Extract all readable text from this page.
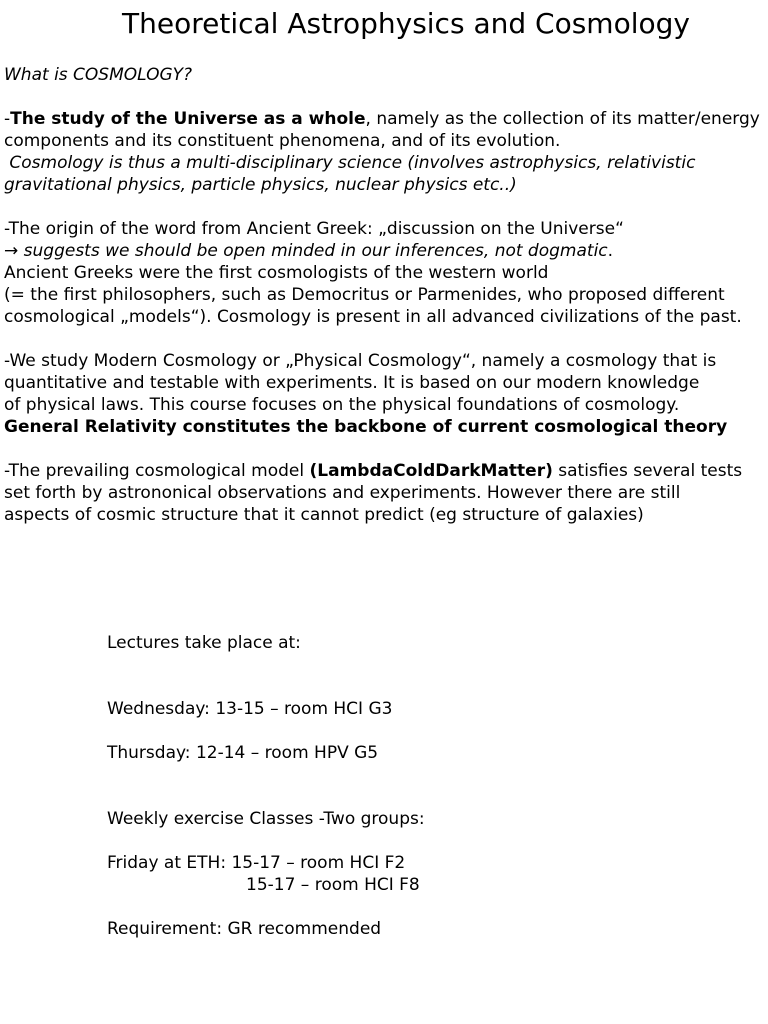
Theoretical Astrophysics and Cosmology
What is COSMOLOGY?
-The study of the Universe as a whole, namely as the collection of its matter/energy
components and its constituent phenomena, and of its evolution.
Cosmology is thus a multi-disciplinary science (involves astrophysics, relativistic
gravitational physics, particle physics, nuclear physics etc..)
-The origin of the word from Ancient Greek: „discussion on the Universe“
→ suggests we should be open minded in our inferences, not dogmatic.
Ancient Greeks were the first cosmologists of the western world
(= the first philosophers, such as Democritus or Parmenides, who proposed different
cosmological „models“). Cosmology is present in all advanced civilizations of the past.
-We study Modern Cosmology or „Physical Cosmology“, namely a cosmology that is
quantitative and testable with experiments. It is based on our modern knowledge
of physical laws. This course focuses on the physical foundations of cosmology.
General Relativity constitutes the backbone of current cosmological theory
-The prevailing cosmological model (LambdaColdDarkMatter) satisfies several tests
set forth by astrononical observations and experiments. However there are still
aspects of cosmic structure that it cannot predict (eg structure of galaxies)
Lectures take place at:
Wednesday: 13-15 – room HCI G3
Thursday: 12-14 – room HPV G5
Weekly exercise Classes -Two groups:
Friday at ETH: 15-17 – room HCI F2
15-17 – room HCI F8
Requirement: GR recommended
